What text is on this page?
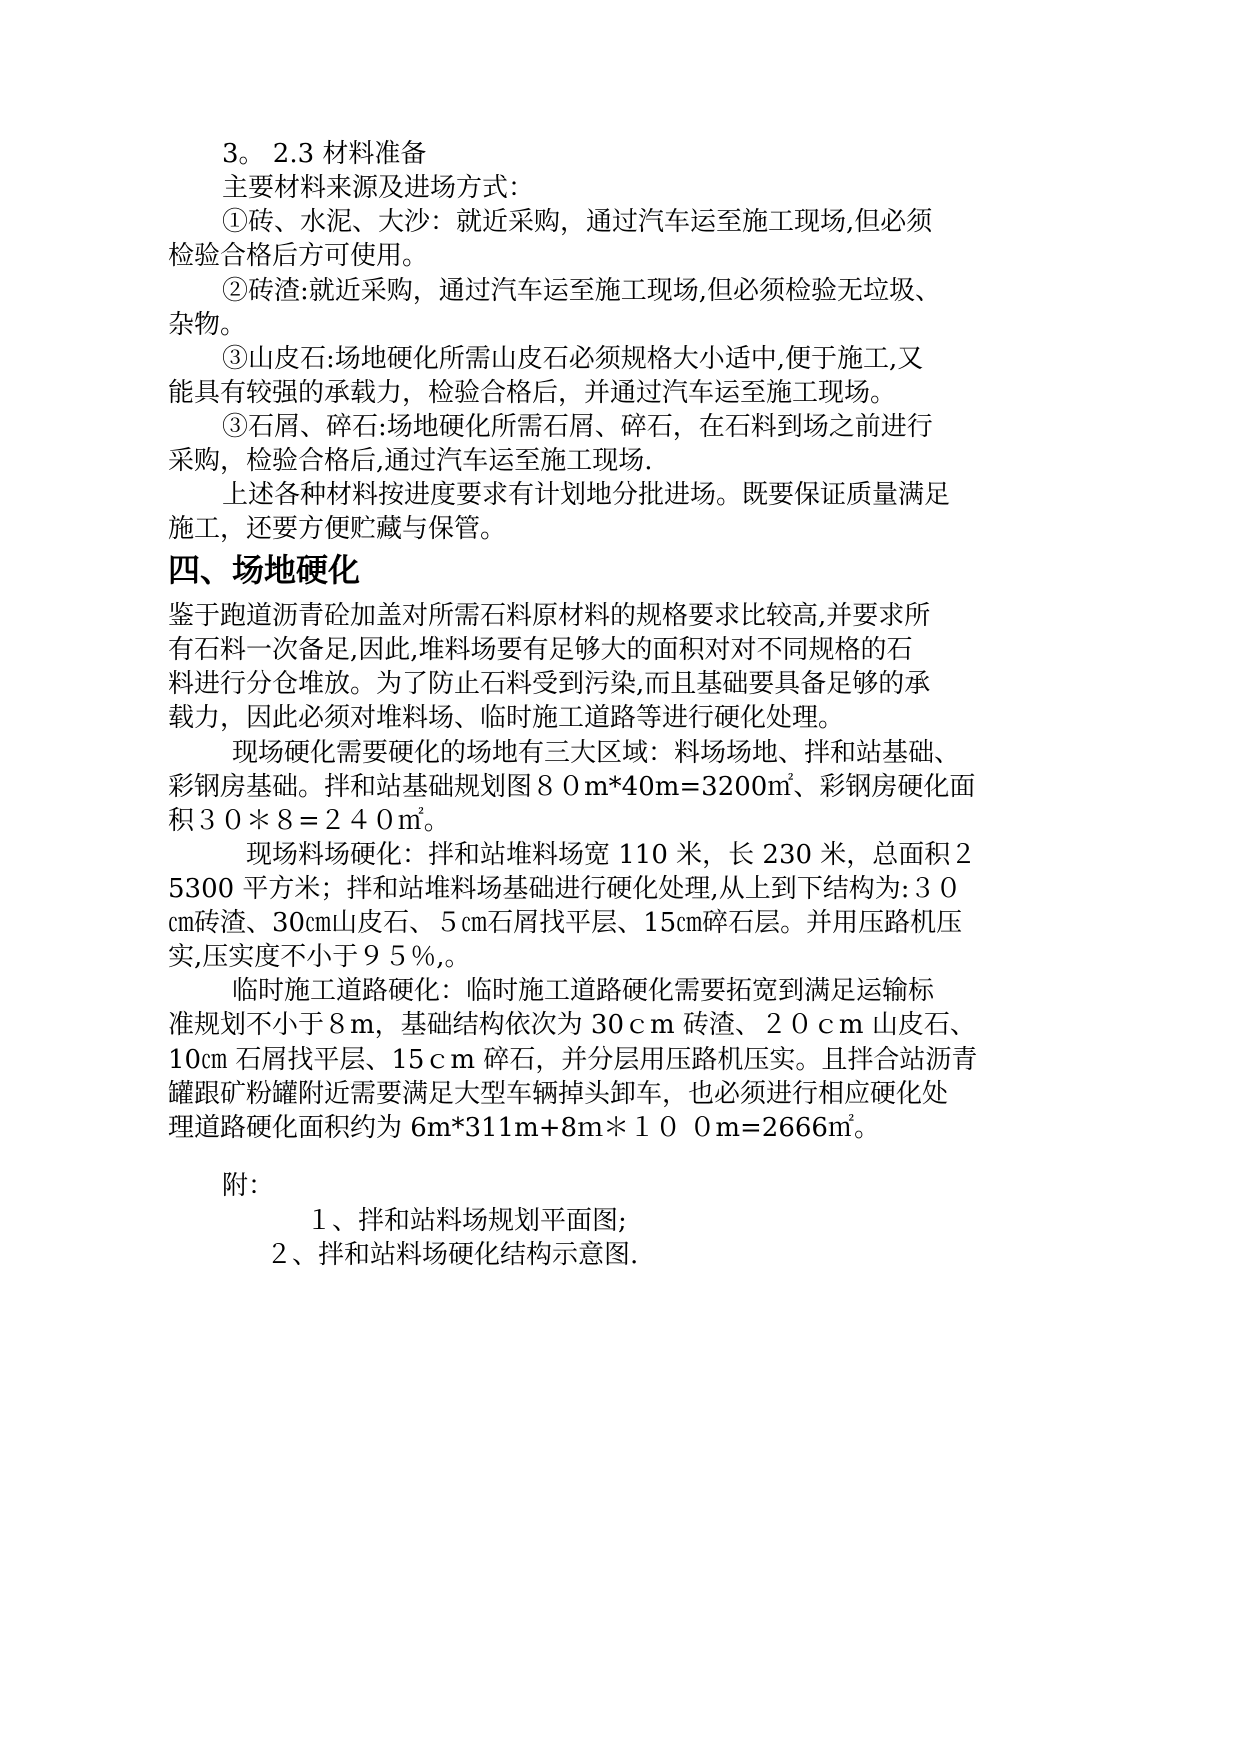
3。 2.3 材料准备
主要材料来源及进场方式：
①砖、水泥、大沙：就近采购，通过汽车运至施工现场,但必须
检验合格后方可使用。
②砖渣:就近采购，通过汽车运至施工现场,但必须检验无垃圾、
杂物。
③山皮石:场地硬化所需山皮石必须规格大小适中,便于施工,又
能具有较强的承载力，检验合格后，并通过汽车运至施工现场。
③石屑、碎石:场地硬化所需石屑、碎石，在石料到场之前进行
采购，检验合格后,通过汽车运至施工现场.
上述各种材料按进度要求有计划地分批进场。既要保证质量满足
施工，还要方便贮藏与保管。
四、场地硬化
鉴于跑道沥青砼加盖对所需石料原材料的规格要求比较高,并要求所
有石料一次备足,因此,堆料场要有足够大的面积对对不同规格的石
料进行分仓堆放。为了防止石料受到污染,而且基础要具备足够的承
载力，因此必须对堆料场、临时施工道路等进行硬化处理。
现场硬化需要硬化的场地有三大区域：料场场地、拌和站基础、
彩钢房基础。拌和站基础规划图８０m*40m=3200㎡、彩钢房硬化面
积３０＊８=２４０㎡。
现场料场硬化：拌和站堆料场宽 110 米，长 230 米，总面积２
5300 平方米；拌和站堆料场基础进行硬化处理,从上到下结构为:３０
㎝砖渣、30㎝山皮石、５㎝石屑找平层、15㎝碎石层。并用压路机压
实,压实度不小于９５％,。
临时施工道路硬化：临时施工道路硬化需要拓宽到满足运输标
准规划不小于８m，基础结构依次为 30ｃm 砖渣、２０ｃm 山皮石、
10㎝ 石屑找平层、15ｃm 碎石，并分层用压路机压实。且拌合站沥青
罐跟矿粉罐附近需要满足大型车辆掉头卸车，也必须进行相应硬化处
理道路硬化面积约为 6m*311m+8ｍ＊１０ ０m=2666㎡。
附：
１、拌和站料场规划平面图;
２、拌和站料场硬化结构示意图.
